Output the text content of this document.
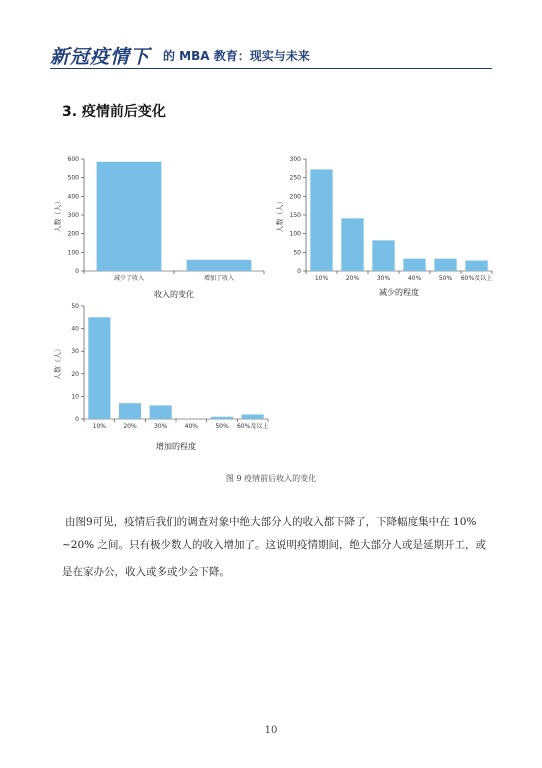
新冠疫情下 的 MBA 教育：现实与未来
3. 疫情前后变化
0
100
200
300
400
500
600
减少了收入	增加了收入
人数（人）
收入的变化
0
50
100
150
200
250
300
10%	20%	30%	40%	50% 60%及以上
人数（人）
减少的程度
0
10
20
30
40
50
10%	20%	30%	40%	50% 60%及以上
人数（人）
增加的程度
图 9 疫情前后收入的变化
由图9可见，疫情后我们的调查对象中绝大部分人的收入都下降了，下降幅度集中在 10%
~20% 之间。只有极少数人的收入增加了。这说明疫情期间，绝大部分人或是延期开工，或
是在家办公，收入或多或少会下降。
10
